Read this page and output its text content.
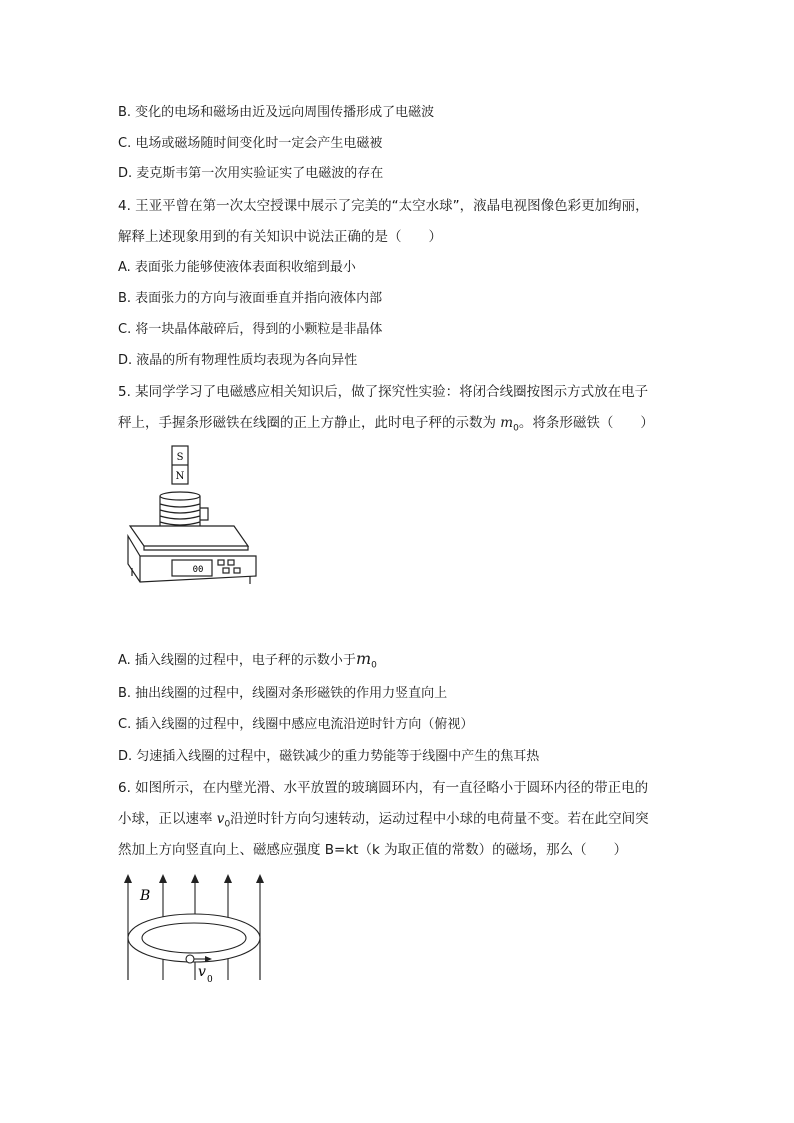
B. 变化的电场和磁场由近及远向周围传播形成了电磁波
C. 电场或磁场随时间变化时一定会产生电磁被
D. 麦克斯韦第一次用实验证实了电磁波的存在
4. 王亚平曾在第一次太空授课中展示了完美的“太空水球”，液晶电视图像色彩更加绚丽，
解释上述现象用到的有关知识中说法正确的是（　　）
A. 表面张力能够使液体表面积收缩到最小
B. 表面张力的方向与液面垂直并指向液体内部
C. 将一块晶体敲碎后，得到的小颗粒是非晶体
D. 液晶的所有物理性质均表现为各向异性
5. 某同学学习了电磁感应相关知识后，做了探究性实验：将闭合线圈按图示方式放在电子
秤上，手握条形磁铁在线圈的正上方静止，此时电子秤的示数为 $m_0$。将条形磁铁（　　）
S
N
00
A. 插入线圈的过程中，电子秤的示数小于$m_0$
B. 抽出线圈的过程中，线圈对条形磁铁的作用力竖直向上
C. 插入线圈的过程中，线圈中感应电流沿逆时针方向（俯视）
D. 匀速插入线圈的过程中，磁铁减少的重力势能等于线圈中产生的焦耳热
6. 如图所示，在内壁光滑、水平放置的玻璃圆环内，有一直径略小于圆环内径的带正电的
小球，正以速率 $v_0$沿逆时针方向匀速转动，运动过程中小球的电荷量不变。若在此空间突
然加上方向竖直向上、磁感应强度 B=kt（k 为取正值的常数）的磁场，那么（　　）
B
v 0
